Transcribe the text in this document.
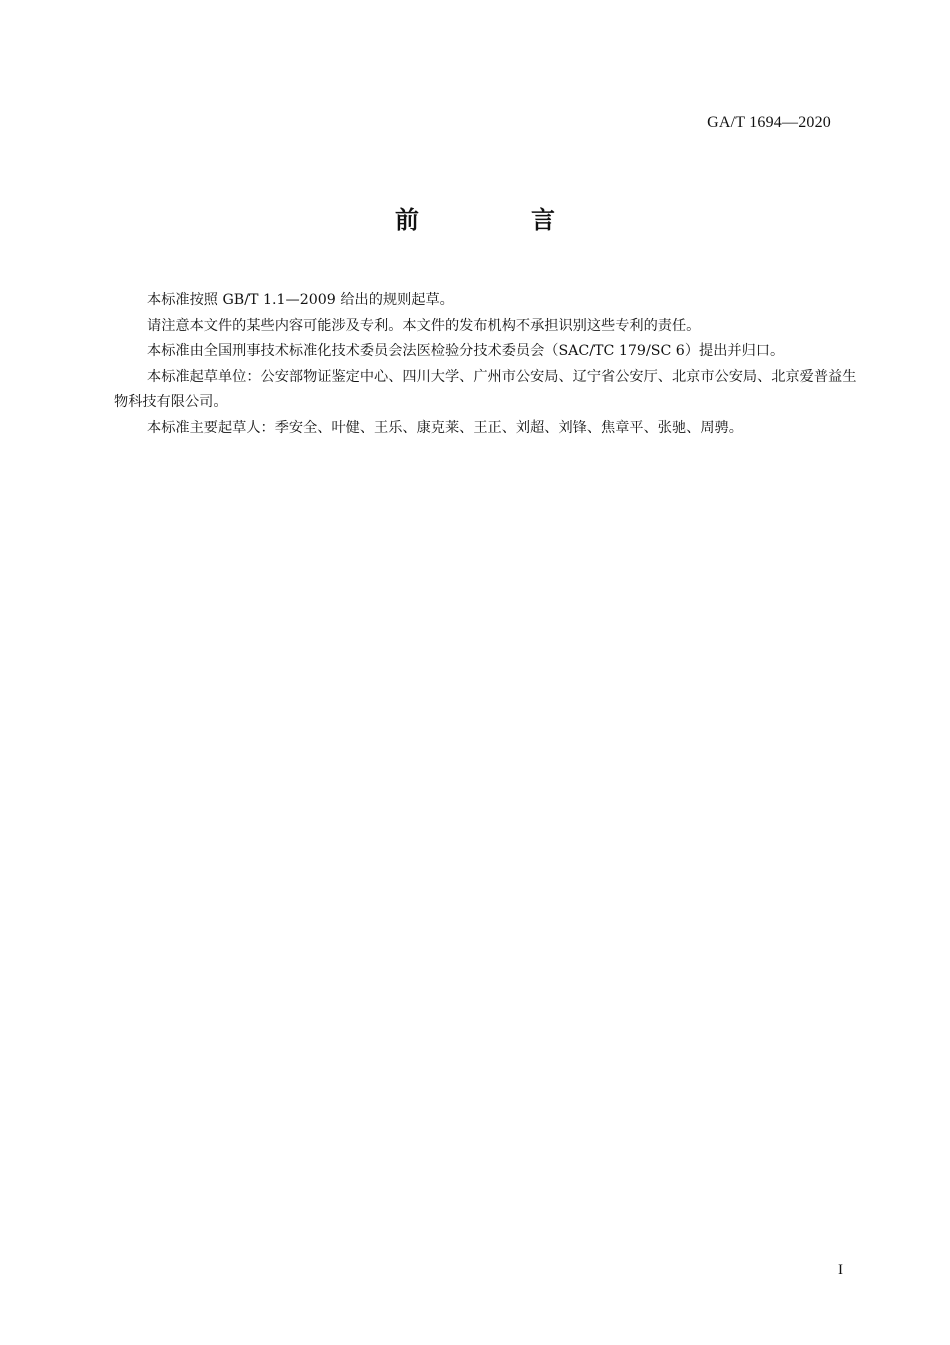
GA/T 1694—2020
前　言

本标准按照 GB/T 1.1—2009 给出的规则起草。

请注意本文件的某些内容可能涉及专利。本文件的发布机构不承担识别这些专利的责任。

本标准由全国刑事技术标准化技术委员会法医检验分技术委员会（SAC/TC 179/SC 6）提出并归口。

本标准起草单位：公安部物证鉴定中心、四川大学、广州市公安局、辽宁省公安厅、北京市公安局、北京爱普益生物科技有限公司。

本标准主要起草人：季安全、叶健、王乐、康克莱、王正、刘超、刘锋、焦章平、张驰、周骋。

I
